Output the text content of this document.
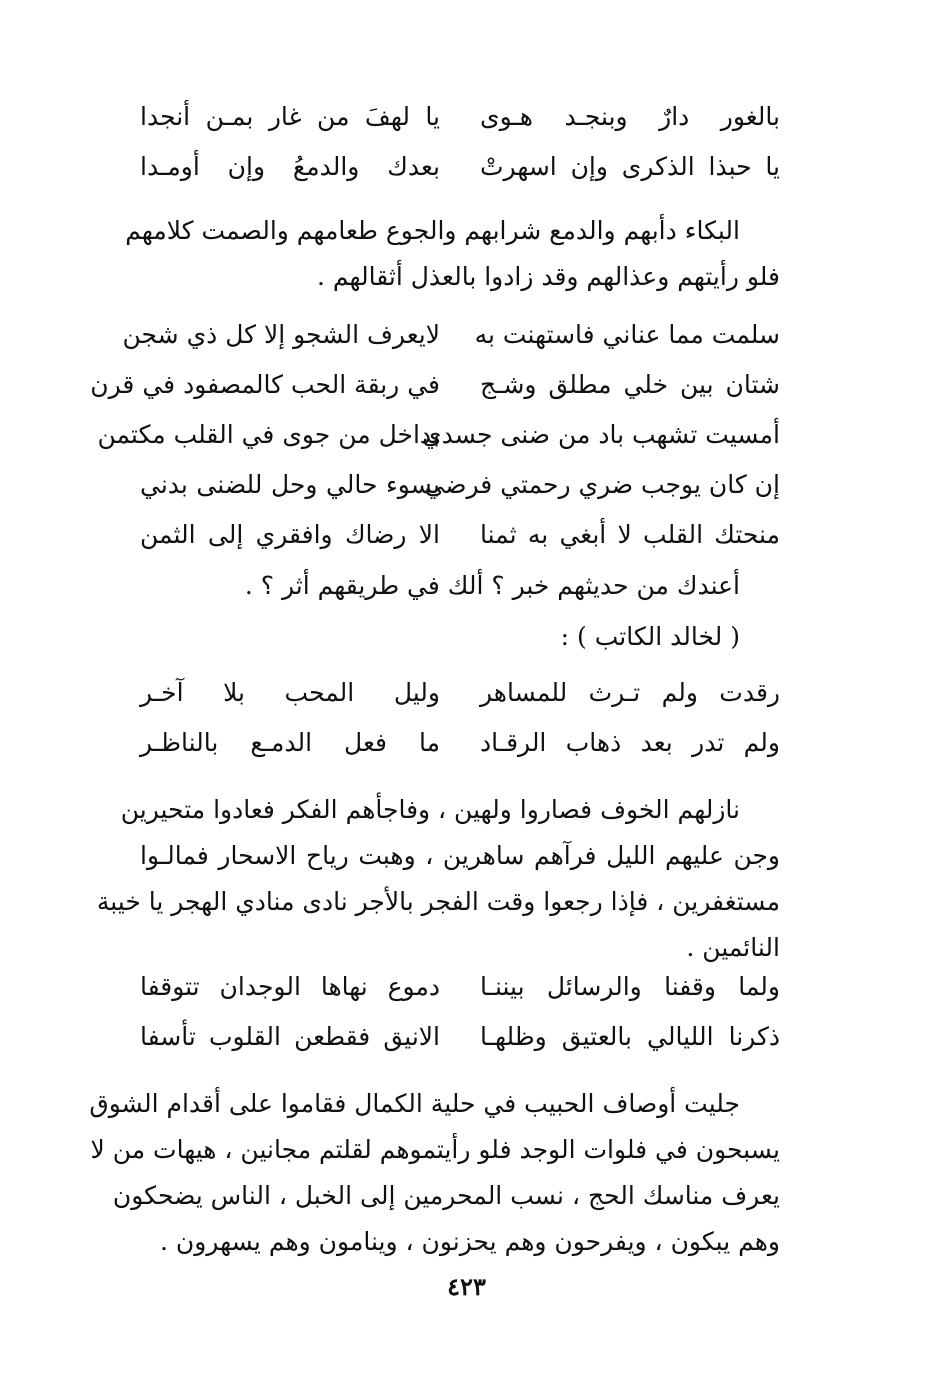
بالغور دارٌ وبنجـد هـوى
يا لهفَ من غار بمـن أنجدا
يا حبذا الذكرى وإن اسهرتْ
بعدك والدمعُ وإن أومـدا
البكاء دأبهم والدمع شرابهم والجوع طعامهم والصمت كلامهم
فلو رأيتهم وعذالهم وقد زادوا بالعذل أثقالهم .
سلمت مما عناني فاستهنت به
لايعرف الشجو إلا كل ذي شجن
شتان بين خلي مطلق وشـج
في ربقة الحب كالمصفود في قرن
أمسيت تشهب باد من ضنى جسدي
بداخل من جوى في القلب مكتمن
إن كان يوجب ضري رحمتي فرضي
بسوء حالي وحل للضنى بدني
منحتك القلب لا أبغي به ثمنا
الا رضاك وافقري إلى الثمن
أعندك من حديثهم خبر ؟ ألك في طريقهم أثر ؟ .
( لخالد الكاتب ) :
رقدت ولم تـرث للمساهر
وليل المحب بلا آخـر
ولم تدر بعد ذهاب الرقـاد
ما فعل الدمـع بالناظـر
نازلهم الخوف فصاروا ولهين ، وفاجأهم الفكر فعادوا متحيرين
وجن عليهم الليل فرآهم ساهرين ، وهبت رياح الاسحار فمالـوا
مستغفرين ، فإذا رجعوا وقت الفجر بالأجر نادى منادي الهجر يا خيبة
النائمين .
ولما وقفنا والرسائل بيننـا
دموع نهاها الوجدان تتوقفا
ذكرنا الليالي بالعتيق وظلهـا
الانيق فقطعن القلوب تأسفا
جليت أوصاف الحبيب في حلية الكمال فقاموا على أقدام الشوق
يسبحون في فلوات الوجد فلو رأيتموهم لقلتم مجانين ، هيهات من لا
يعرف مناسك الحج ، نسب المحرمين إلى الخبل ، الناس يضحكون
وهم يبكون ، ويفرحون وهم يحزنون ، وينامون وهم يسهرون .
٤٢٣
